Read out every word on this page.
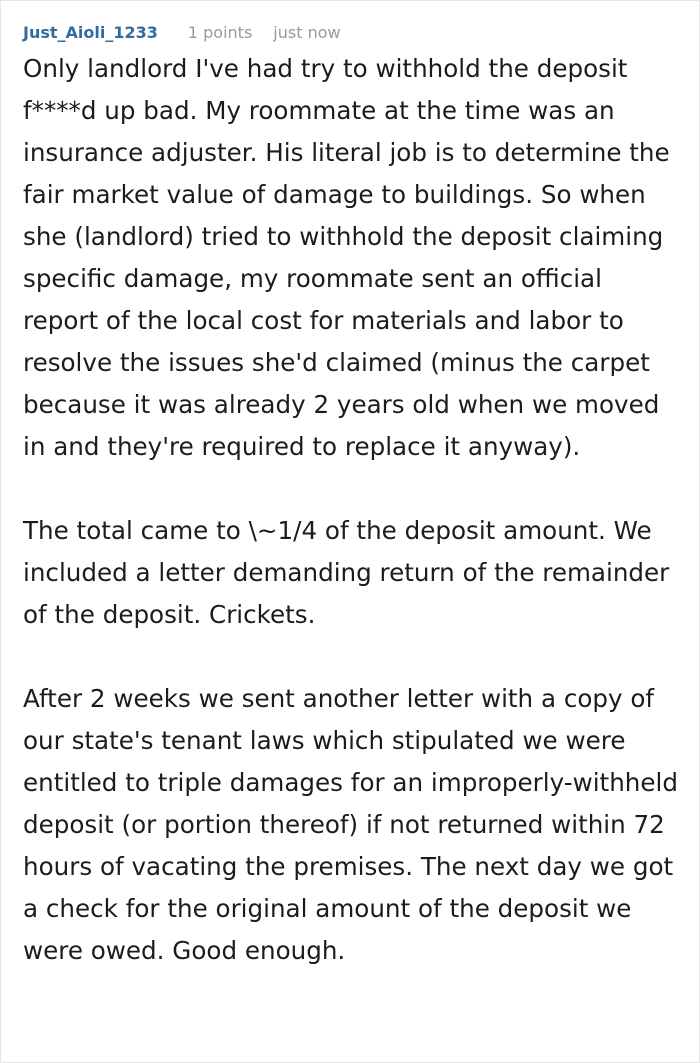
Just_Aioli_1233 1 points just now

Only landlord I've had try to withhold the deposit f****d up bad. My roommate at the time was an insurance adjuster. His literal job is to determine the fair market value of damage to buildings. So when she (landlord) tried to withhold the deposit claiming specific damage, my roommate sent an official report of the local cost for materials and labor to resolve the issues she'd claimed (minus the carpet because it was already 2 years old when we moved in and they're required to replace it anyway).

The total came to \~1/4 of the deposit amount. We included a letter demanding return of the remainder of the deposit. Crickets.

After 2 weeks we sent another letter with a copy of our state's tenant laws which stipulated we were entitled to triple damages for an improperly-withheld deposit (or portion thereof) if not returned within 72 hours of vacating the premises. The next day we got a check for the original amount of the deposit we were owed. Good enough.
